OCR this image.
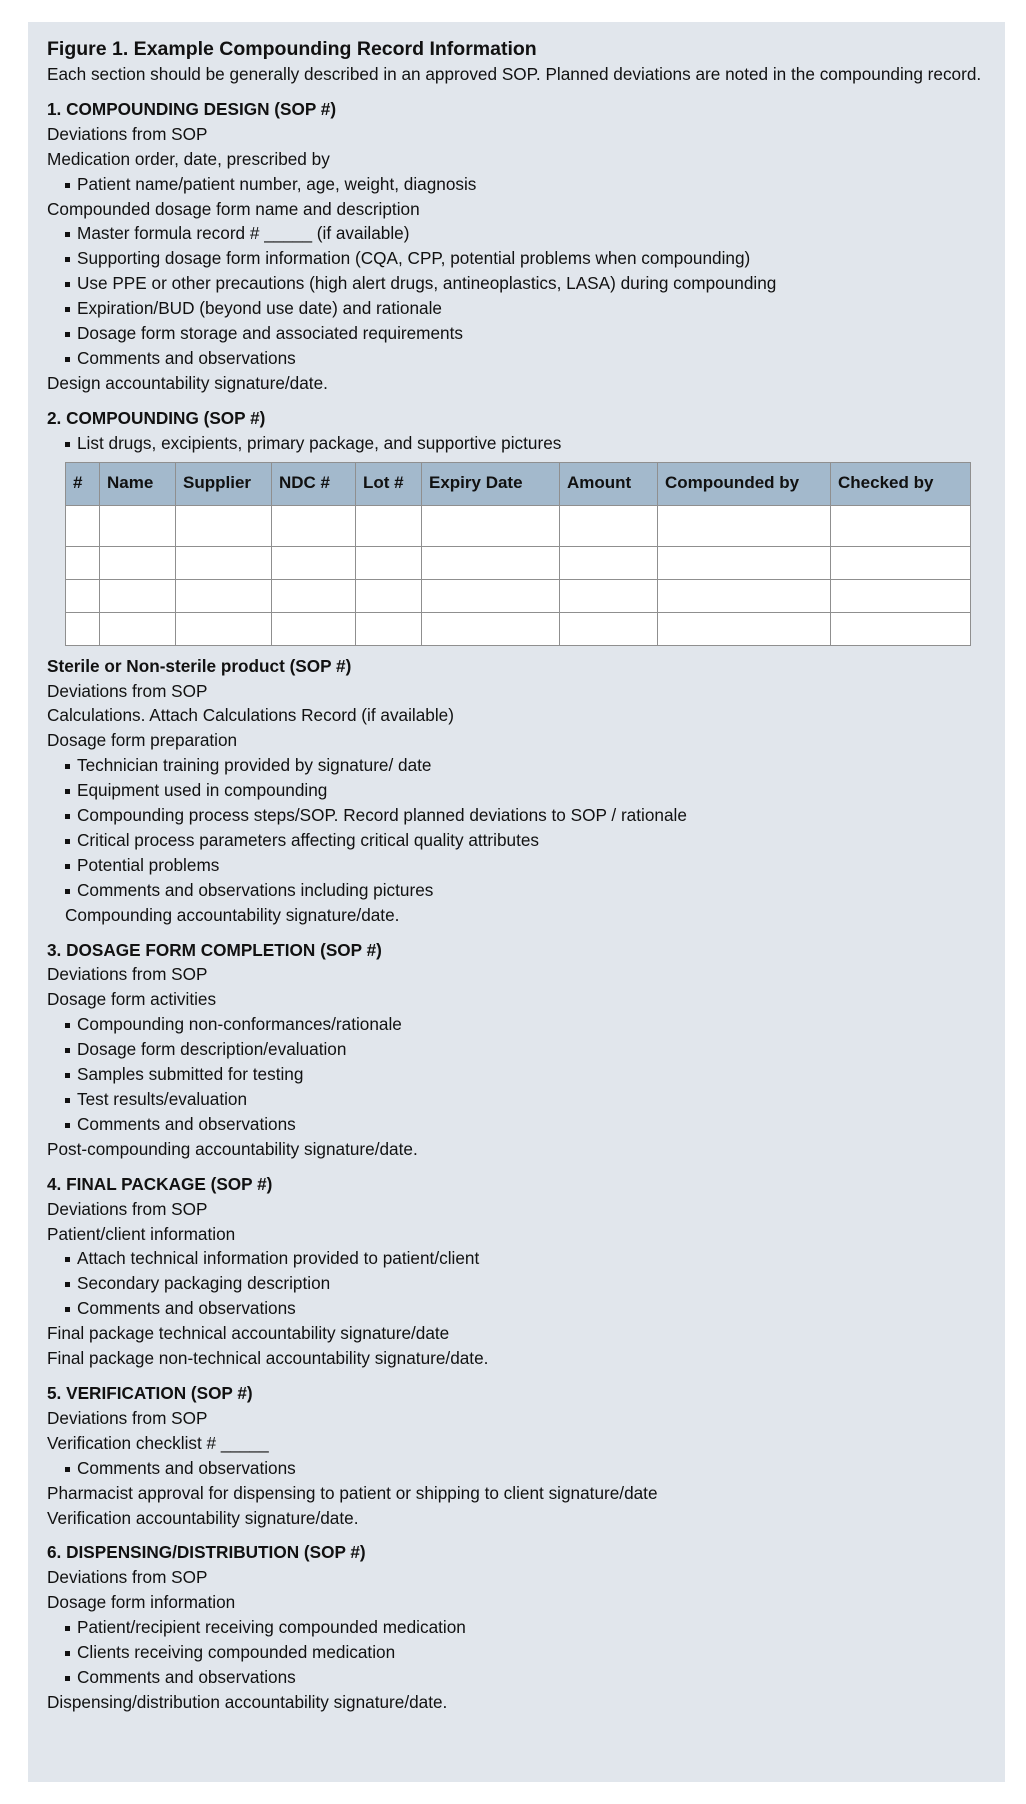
Figure 1. Example Compounding Record Information
Each section should be generally described in an approved SOP. Planned deviations are noted in the compounding record.
1. COMPOUNDING DESIGN (SOP #)
Deviations from SOP
Medication order, date, prescribed by
Patient name/patient number, age, weight, diagnosis
Compounded dosage form name and description
Master formula record # _____ (if available)
Supporting dosage form information (CQA, CPP, potential problems when compounding)
Use PPE or other precautions (high alert drugs, antineoplastics, LASA) during compounding
Expiration/BUD (beyond use date) and rationale
Dosage form storage and associated requirements
Comments and observations
Design accountability signature/date.
2. COMPOUNDING (SOP #)
List drugs, excipients, primary package, and supportive pictures
#	Name	Supplier	NDC #	Lot #	Expiry Date	Amount	Compounded by	Checked by

Sterile or Non-sterile product (SOP #)
Deviations from SOP
Calculations. Attach Calculations Record (if available)
Dosage form preparation
Technician training provided by signature/ date
Equipment used in compounding
Compounding process steps/SOP. Record planned deviations to SOP / rationale
Critical process parameters affecting critical quality attributes
Potential problems
Comments and observations including pictures
Compounding accountability signature/date.
3. DOSAGE FORM COMPLETION (SOP #)
Deviations from SOP
Dosage form activities
Compounding non-conformances/rationale
Dosage form description/evaluation
Samples submitted for testing
Test results/evaluation
Comments and observations
Post-compounding accountability signature/date.
4. FINAL PACKAGE (SOP #)
Deviations from SOP
Patient/client information
Attach technical information provided to patient/client
Secondary packaging description
Comments and observations
Final package technical accountability signature/date
Final package non-technical accountability signature/date.
5. VERIFICATION (SOP #)
Deviations from SOP
Verification checklist # _____
Comments and observations
Pharmacist approval for dispensing to patient or shipping to client signature/date
Verification accountability signature/date.
6. DISPENSING/DISTRIBUTION (SOP #)
Deviations from SOP
Dosage form information
Patient/recipient receiving compounded medication
Clients receiving compounded medication
Comments and observations
Dispensing/distribution accountability signature/date.
